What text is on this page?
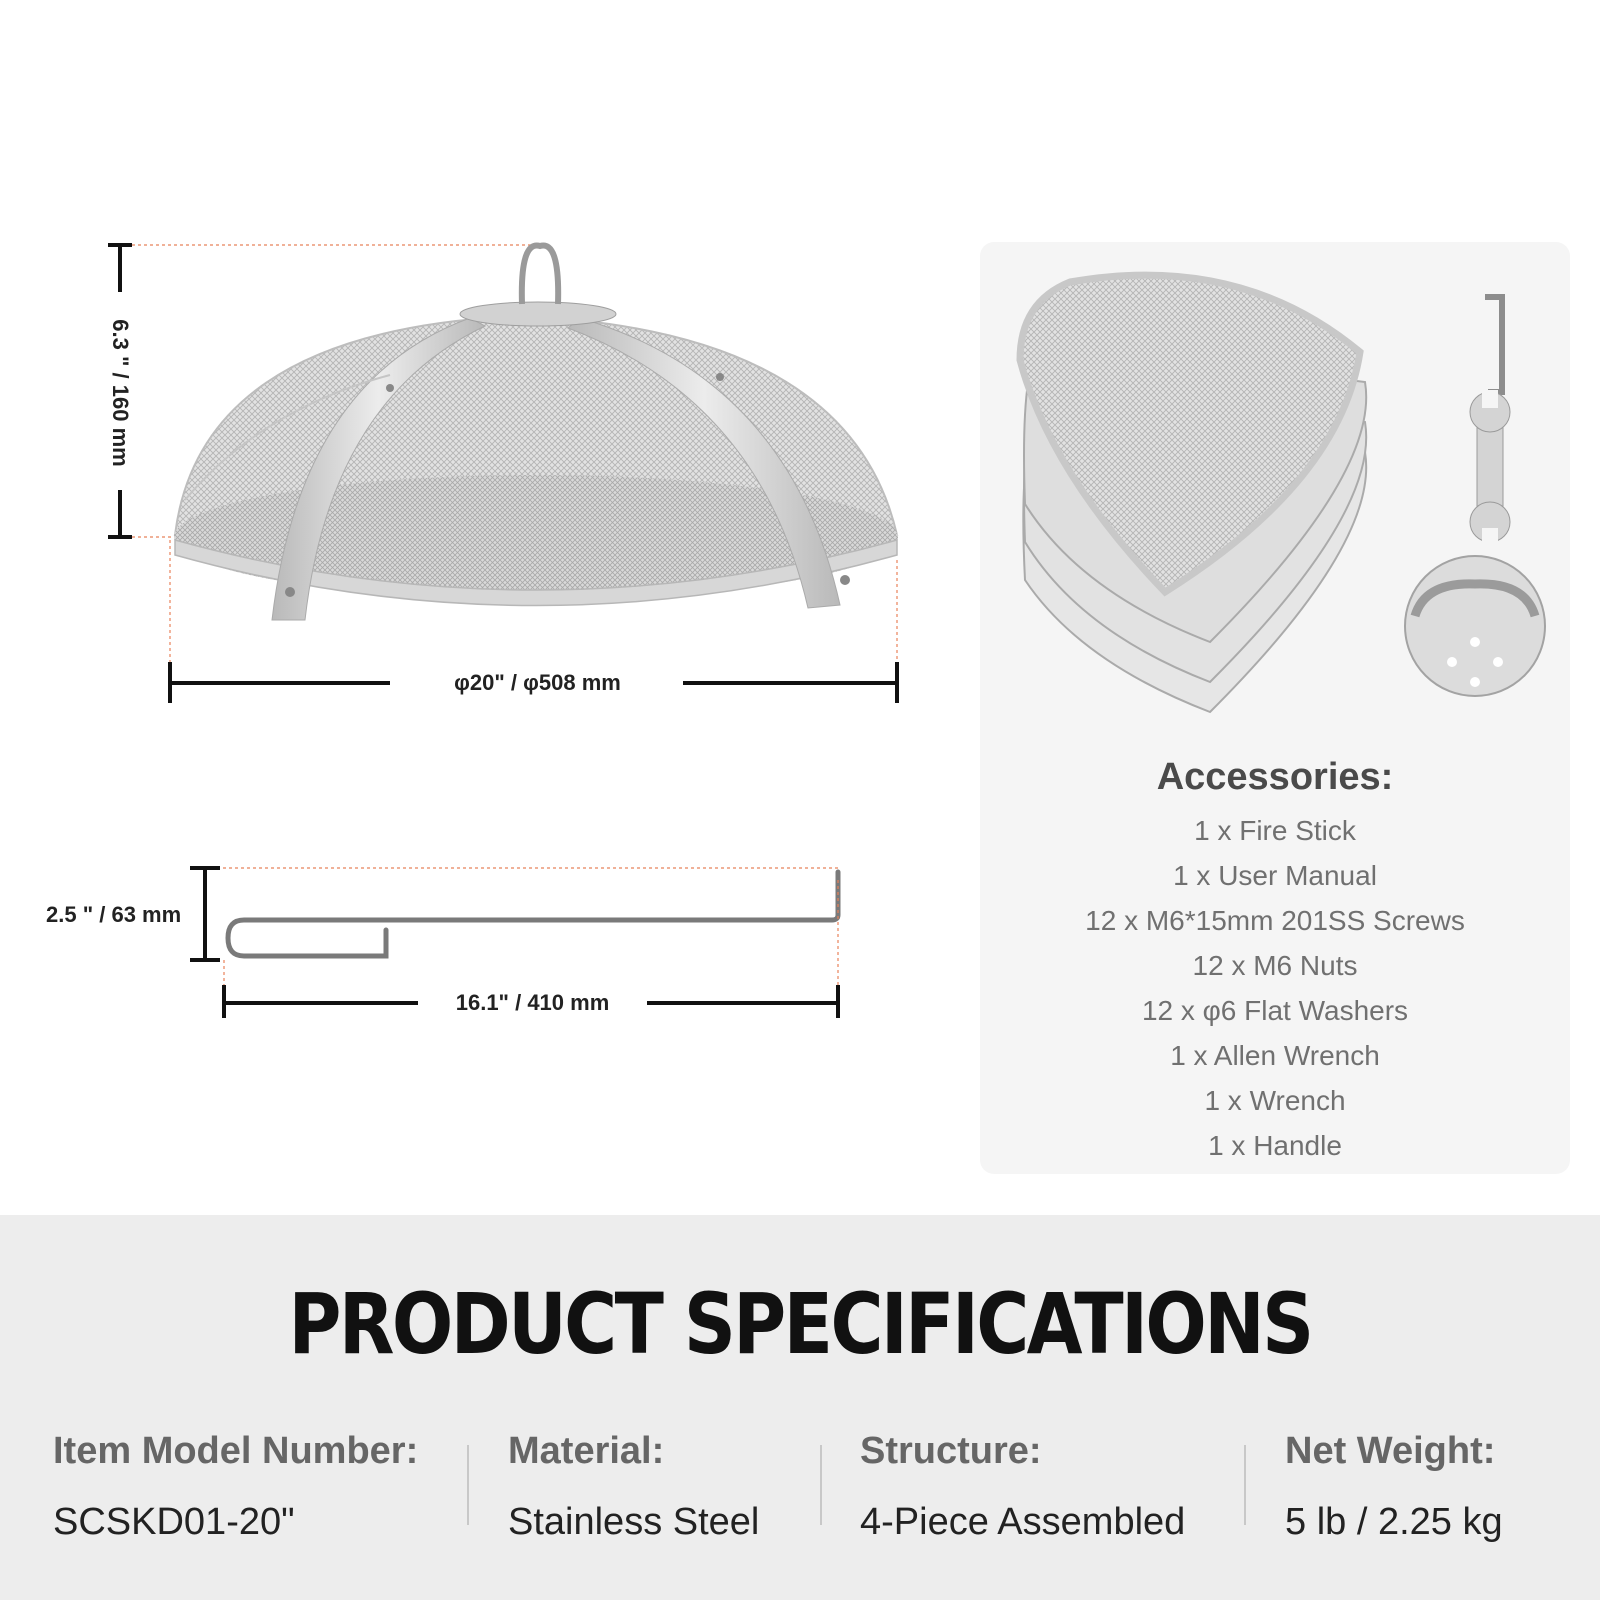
6.3 " / 160 mm
φ20" / φ508 mm
2.5 " / 63 mm
16.1" / 410 mm
Accessories:
1 x Fire Stick
1 x User Manual
12 x M6*15mm 201SS Screws
12 x M6 Nuts
12 x φ6 Flat Washers
1 x Allen Wrench
1 x Wrench
1 x Handle
PRODUCT SPECIFICATIONS
Item Model Number:
SCSKD01-20"
Material:
Stainless Steel
Structure:
4-Piece Assembled
Net Weight:
5 lb / 2.25 kg
